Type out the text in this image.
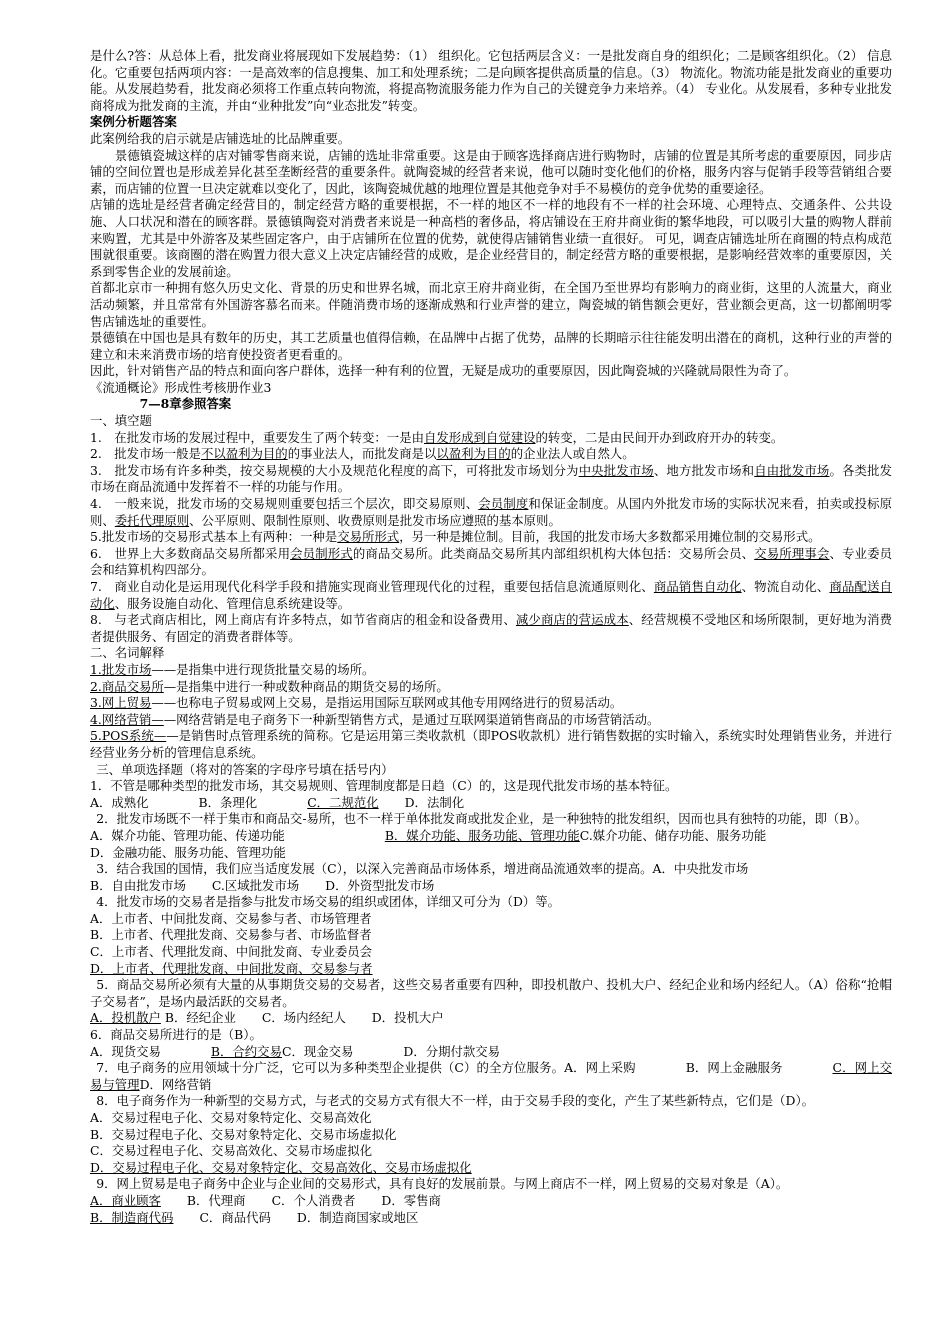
是什么?答：从总体上看，批发商业将展现如下发展趋势：（1） 组织化。它包括两层含义：一是批发商自身的组织化；二是顾客组织化。（2） 信息化。它重要包括两项内容：一是高效率的信息搜集、加工和处理系统；二是向顾客提供高质量的信息。（3） 物流化。物流功能是批发商业的重要功能。从发展趋势看，批发商必须将工作重点转向物流，将提高物流服务能力作为自己的关键竞争力来培养。（4） 专业化。从发展看，多种专业批发商将成为批发商的主流，并由“业种批发”向“业态批发”转变。

案例分析题答案

此案例给我的启示就是店铺选址的比品牌重要。

景德镇瓷城这样的店对铺零售商来说，店铺的选址非常重要。这是由于顾客选择商店进行购物时，店铺的位置是其所考虑的重要原因，同步店铺的空间位置也是形成差异化甚至垄断经营的重要条件。就陶瓷城的经营者来说，他可以随时变化他们的价格，服务内容与促销手段等营销组合要素，而店铺的位置一旦决定就难以变化了，因此，该陶瓷城优越的地理位置是其他竞争对手不易模仿的竞争优势的重要途径。

店铺的选址是经营者确定经营目的，制定经营方略的重要根据，不一样的地区不一样的地段有不一样的社会环境、心理特点、交通条件、公共设施、人口状况和潜在的顾客群。景德镇陶瓷对消费者来说是一种高档的奢侈品，将店铺设在王府井商业街的繁华地段，可以吸引大量的购物人群前来购置，尤其是中外游客及某些固定客户，由于店铺所在位置的优势，就使得店铺销售业绩一直很好。 可见，调查店铺选址所在商圈的特点构成范围就很重要。该商圈的潜在购置力很大意义上决定店铺经营的成败，是企业经营目的，制定经营方略的重要根据，是影响经营效率的重要原因，关系到零售企业的发展前途。

首都北京市一种拥有悠久历史文化、背景的历史和世界名城，而北京王府井商业街，在全国乃至世界均有影响力的商业街，这里的人流量大，商业活动频繁，并且常常有外国游客慕名而来。伴随消费市场的逐渐成熟和行业声誉的建立，陶瓷城的销售额会更好，营业额会更高，这一切都阐明零售店铺选址的重要性。

景德镇在中国也是具有数年的历史，其工艺质量也值得信赖，在品牌中占据了优势，品牌的长期暗示往往能发明出潜在的商机，这种行业的声誉的建立和未来消费市场的培育使投资者更看重的。

因此，针对销售产品的特点和面向客户群体，选择一种有利的位置，无疑是成功的重要原因，因此陶瓷城的兴隆就局限性为奇了。

《流通概论》形成性考核册作业3

7—8章参照答案

一、填空题

1.　在批发市场的发展过程中，重要发生了两个转变：一是由自发形成到自觉建设的转变，二是由民间开办到政府开办的转变。

2.　批发市场一般是不以盈利为目的的事业法人，而批发商是以以盈利为目的的企业法人或自然人。

3.　批发市场有许多种类，按交易规模的大小及规范化程度的高下，可将批发市场划分为中央批发市场、地方批发市场和自由批发市场。各类批发市场在商品流通中发挥着不一样的功能与作用。

4.　一般来说，批发市场的交易规则重要包括三个层次，即交易原则、会员制度和保证金制度。从国内外批发市场的实际状况来看，拍卖或投标原则、委托代理原则、公平原则、限制性原则、收费原则是批发市场应遵照的基本原则。

5.批发市场的交易形式基本上有两种：一种是交易所形式，另一种是摊位制。目前，我国的批发市场大多数都采用摊位制的交易形式。

6.　世界上大多数商品交易所都采用会员制形式的商品交易所。此类商品交易所其内部组织机构大体包括：交易所会员、交易所理事会、专业委员会和结算机构四部分。

7.　商业自动化是运用现代化科学手段和措施实现商业管理现代化的过程，重要包括信息流通原则化、商品销售自动化、物流自动化、商品配送自动化、服务设施自动化、管理信息系统建设等。

8.　与老式商店相比，网上商店有许多特点，如节省商店的租金和设备费用、减少商店的营运成本、经营规模不受地区和场所限制，更好地为消费者提供服务、有固定的消费者群体等。

二、名词解释

1.批发市场——是指集中进行现货批量交易的场所。

2.商品交易所—是指集中进行一种或数种商品的期货交易的场所。

3.网上贸易——也称电子贸易或网上交易，是指运用国际互联网或其他专用网络进行的贸易活动。

4.网络营销——网络营销是电子商务下一种新型销售方式，是通过互联网渠道销售商品的市场营销活动。

5.POS系统——是销售时点管理系统的简称。它是运用第三类收款机（即POS收款机）进行销售数据的实时输入，系统实时处理销售业务，并进行经营业务分析的管理信息系统。

三、单项选择题（将对的答案的字母序号填在括号内）

1．不管是哪种类型的批发市场，其交易规则、管理制度都是日趋（C）的，这是现代批发市场的基本特征。

A．成熟化	B．条理化	C．二规范化 D．法制化

2．批发市场既不一样于集市和商品交-易所，也不一样于单体批发商或批发企业，是一种独特的批发组织，因而也具有独特的功能，即（B）。

A．媒介功能、管理功能、传递功能	B．媒介功能、服务功能、管理功能C.媒介功能、储存功能、服务功能

D．金融功能、服务功能、管理功能

3．结合我国的国情，我们应当适度发展（C），以深入完善商品市场体系，增进商品流通效率的提高。A．中央批发市场

B．自由批发市场 C.区域批发市场 D．外资型批发市场

4．批发市场的交易者是指参与批发市场交易的组织或团体，详细又可分为（D）等。

A．上市者、中间批发商、交易参与者、市场管理者

B．上市者、代理批发商、交易参与者、市场监督者

C．上市者、代理批发商、中间批发商、专业委员会

D．上市者、代理批发商、中间批发商、交易参与者

5．商品交易所必须有大量的从事期货交易的交易者，这些交易者重要有四种，即投机散户、投机大户、经纪企业和场内经纪人。（A）俗称“抢帽子交易者”，是场内最活跃的交易者。

A．投机散户 B．经纪企业 C．场内经纪人 D．投机大户

6．商品交易所进行的是（B）。

A．现货交易	B．合约交易C．现金交易	D．分期付款交易

7．电子商务的应用领域十分广泛，它可以为多种类型企业提供（C）的全方位服务。A．网上采购	B．网上金融服务	C．网上交易与管理D．网络营销

8．电子商务作为一种新型的交易方式，与老式的交易方式有很大不一样，由于交易手段的变化，产生了某些新特点，它们是（D）。

A．交易过程电子化、交易对象特定化、交易高效化

B．交易过程电子化、交易对象特定化、交易市场虚拟化

C．交易过程电子化、交易高效化、交易市场虚拟化

D．交易过程电子化、交易对象特定化、交易高效化、交易市场虚拟化

9．网上贸易是电子商务中企业与企业间的交易形式，具有良好的发展前景。与网上商店不一样，网上贸易的交易对象是（A）。

A．商业顾客 B．代理商 C．个人消费者 D．零售商

B．制造商代码 C．商品代码 D．制造商国家或地区
